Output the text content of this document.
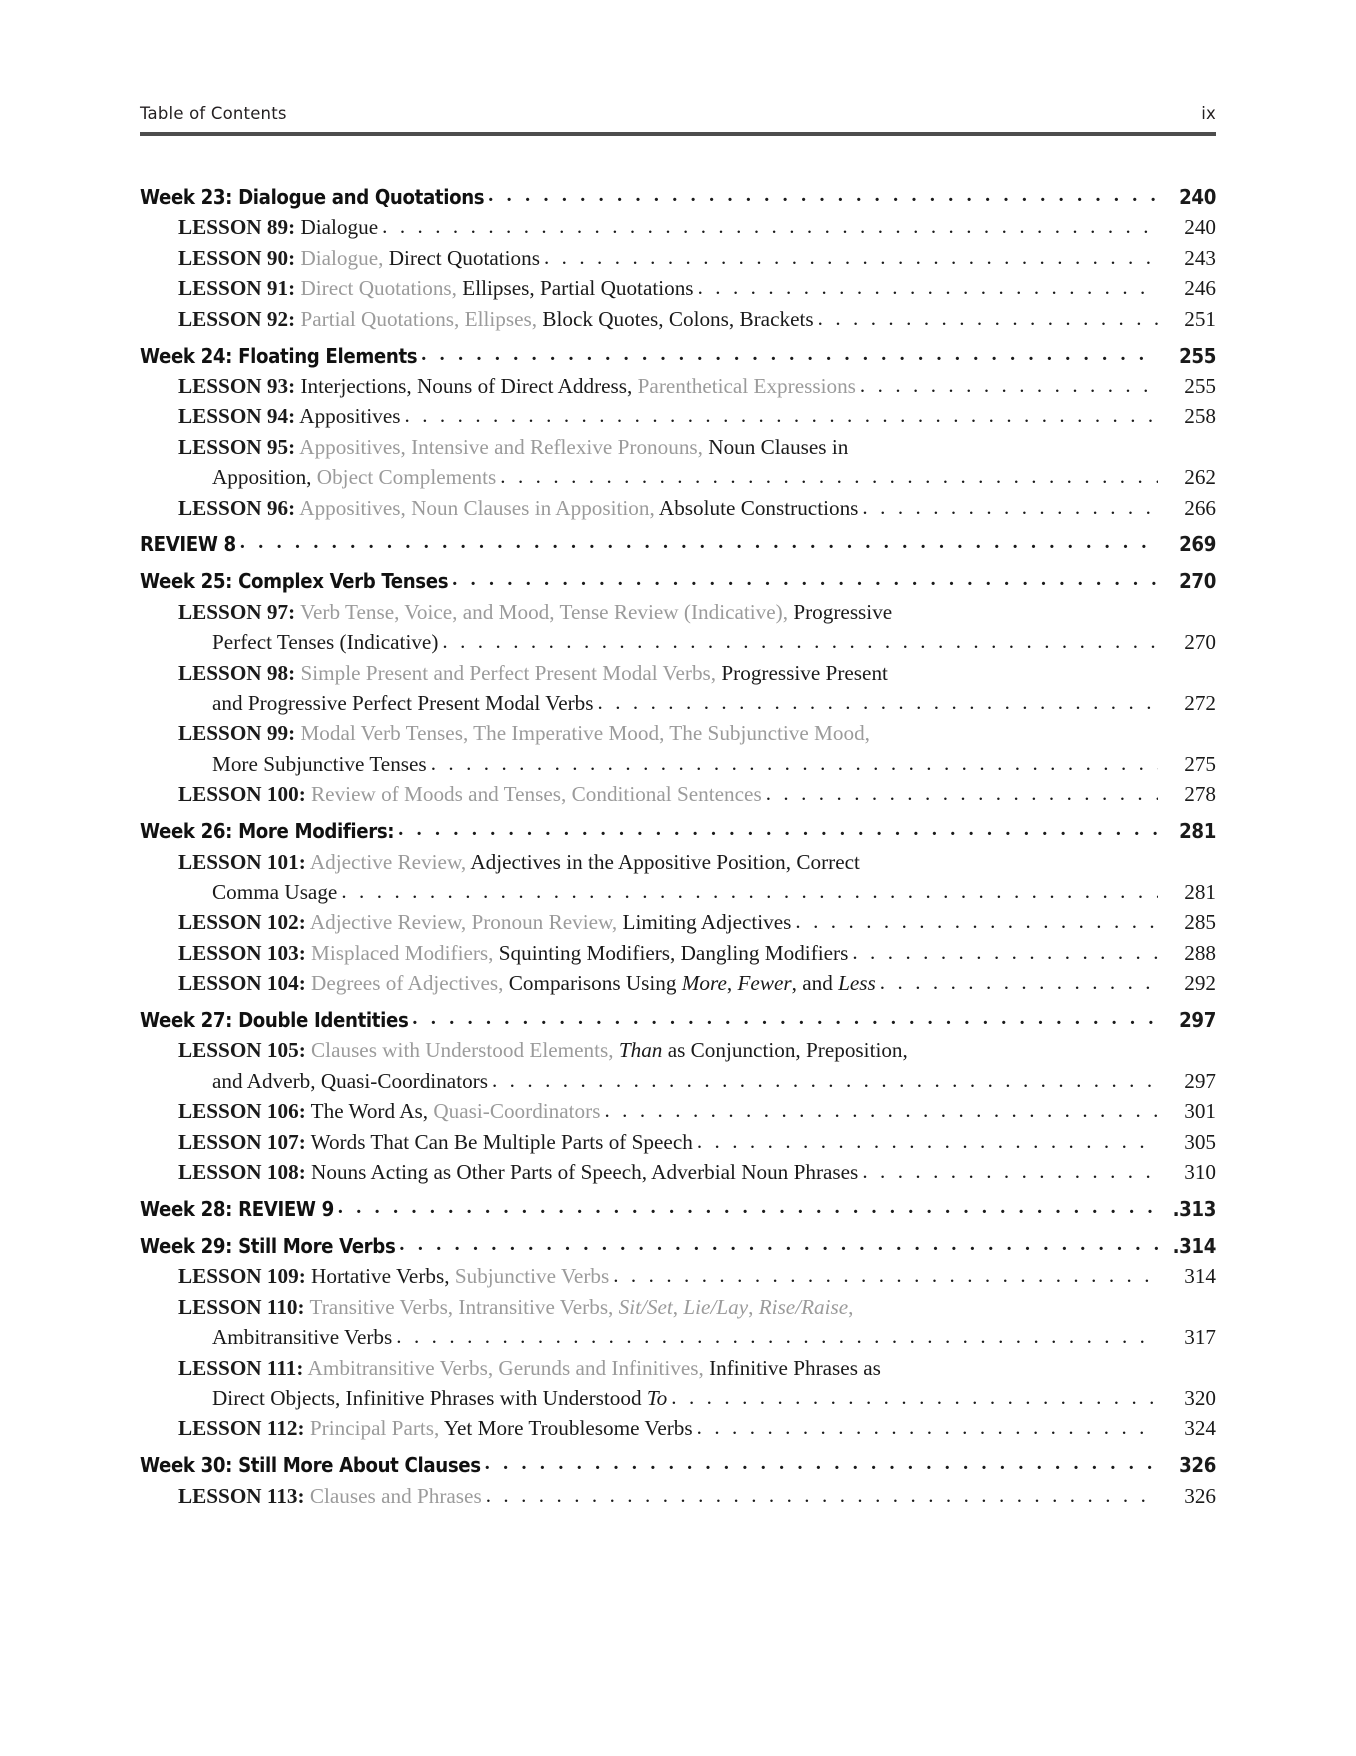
Table of Contents	ix
Week 23: Dialogue and Quotations . . .	240
LESSON 89: Dialogue . . .	240
LESSON 90: Dialogue, Direct Quotations . . .	243
LESSON 91: Direct Quotations, Ellipses, Partial Quotations . . .	246
LESSON 92: Partial Quotations, Ellipses, Block Quotes, Colons, Brackets . . .	251
Week 24: Floating Elements . . .	255
LESSON 93: Interjections, Nouns of Direct Address, Parenthetical Expressions . . .	255
LESSON 94: Appositives . . .	258
LESSON 95: Appositives, Intensive and Reflexive Pronouns, Noun Clauses in
Apposition, Object Complements . . .	262
LESSON 96: Appositives, Noun Clauses in Apposition, Absolute Constructions . . .	266
REVIEW 8 . . .	269
Week 25: Complex Verb Tenses . . .	270
LESSON 97: Verb Tense, Voice, and Mood, Tense Review (Indicative), Progressive
Perfect Tenses (Indicative) . . .	270
LESSON 98: Simple Present and Perfect Present Modal Verbs, Progressive Present
and Progressive Perfect Present Modal Verbs . . .	272
LESSON 99: Modal Verb Tenses, The Imperative Mood, The Subjunctive Mood,
More Subjunctive Tenses . . .	275
LESSON 100: Review of Moods and Tenses, Conditional Sentences . . .	278
Week 26: More Modifiers: . . .	281
LESSON 101: Adjective Review, Adjectives in the Appositive Position, Correct
Comma Usage . . .	281
LESSON 102: Adjective Review, Pronoun Review, Limiting Adjectives . . .	285
LESSON 103: Misplaced Modifiers, Squinting Modifiers, Dangling Modifiers . . .	288
LESSON 104: Degrees of Adjectives, Comparisons Using More , Fewer , and Less . . .	292
Week 27: Double Identities . . .	297
LESSON 105: Clauses with Understood Elements,
Than as Conjunction, Preposition,
and Adverb, Quasi-Coordinators . . .	297
LESSON 106: The Word As, Quasi-Coordinators . . .	301
LESSON 107: Words That Can Be Multiple Parts of Speech . . .	305
LESSON 108: Nouns Acting as Other Parts of Speech, Adverbial Noun Phrases . . .	310
Week 28: REVIEW 9 . . .	.313
Week 29: Still More Verbs . . .	.314
LESSON 109: Hortative Verbs, Subjunctive Verbs . . .	314
LESSON 110: Transitive Verbs, Intransitive Verbs, Sit/Set , Lie/Lay , Rise/Raise ,
Ambitransitive Verbs . . .	317
LESSON 111: Ambitransitive Verbs, Gerunds and Infinitives, Infinitive Phrases as
Direct Objects, Infinitive Phrases with Understood To . . .	320
LESSON 112: Principal Parts, Yet More Troublesome Verbs . . .	324
Week 30: Still More About Clauses . . .	326
LESSON 113: Clauses and Phrases . . .	326
